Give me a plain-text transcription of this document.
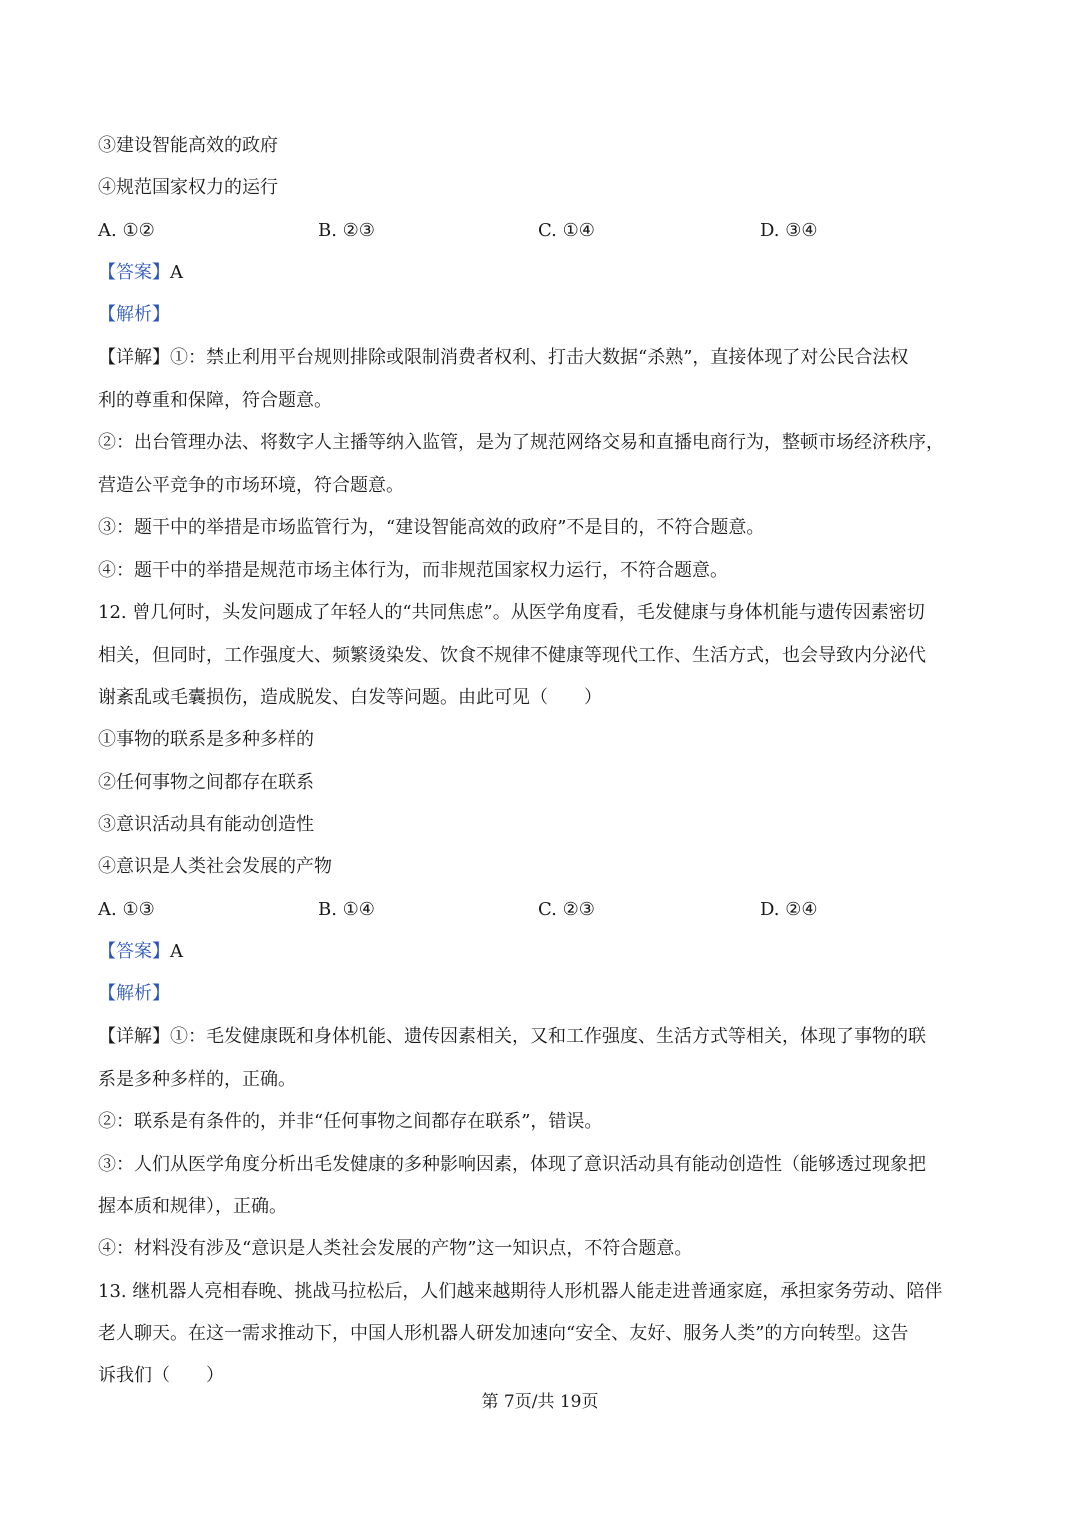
③建设智能高效的政府
④规范国家权力的运行
A. ①②	B. ②③	C. ①④	D. ③④
【答案】A
【解析】
【详解】①：禁止利用平台规则排除或限制消费者权利、打击大数据“杀熟”，直接体现了对公民合法权
利的尊重和保障，符合题意。
②：出台管理办法、将数字人主播等纳入监管，是为了规范网络交易和直播电商行为，整顿市场经济秩序，
营造公平竞争的市场环境，符合题意。
③：题干中的举措是市场监管行为，“建设智能高效的政府”不是目的，不符合题意。
④：题干中的举措是规范市场主体行为，而非规范国家权力运行，不符合题意。
12. 曾几何时，头发问题成了年轻人的“共同焦虑”。从医学角度看，毛发健康与身体机能与遗传因素密切
相关，但同时，工作强度大、频繁烫染发、饮食不规律不健康等现代工作、生活方式，也会导致内分泌代
谢紊乱或毛囊损伤，造成脱发、白发等问题。由此可见（　　）
①事物的联系是多种多样的
②任何事物之间都存在联系
③意识活动具有能动创造性
④意识是人类社会发展的产物
A. ①③	B. ①④	C. ②③	D. ②④
【答案】A
【解析】
【详解】①：毛发健康既和身体机能、遗传因素相关，又和工作强度、生活方式等相关，体现了事物的联
系是多种多样的，正确。
②：联系是有条件的，并非“任何事物之间都存在联系”，错误。
③：人们从医学角度分析出毛发健康的多种影响因素，体现了意识活动具有能动创造性（能够透过现象把
握本质和规律），正确。
④：材料没有涉及“意识是人类社会发展的产物”这一知识点，不符合题意。
13. 继机器人亮相春晚、挑战马拉松后，人们越来越期待人形机器人能走进普通家庭，承担家务劳动、陪伴
老人聊天。在这一需求推动下，中国人形机器人研发加速向“安全、友好、服务人类”的方向转型。这告
诉我们（　　）
第 7页/共 19页
